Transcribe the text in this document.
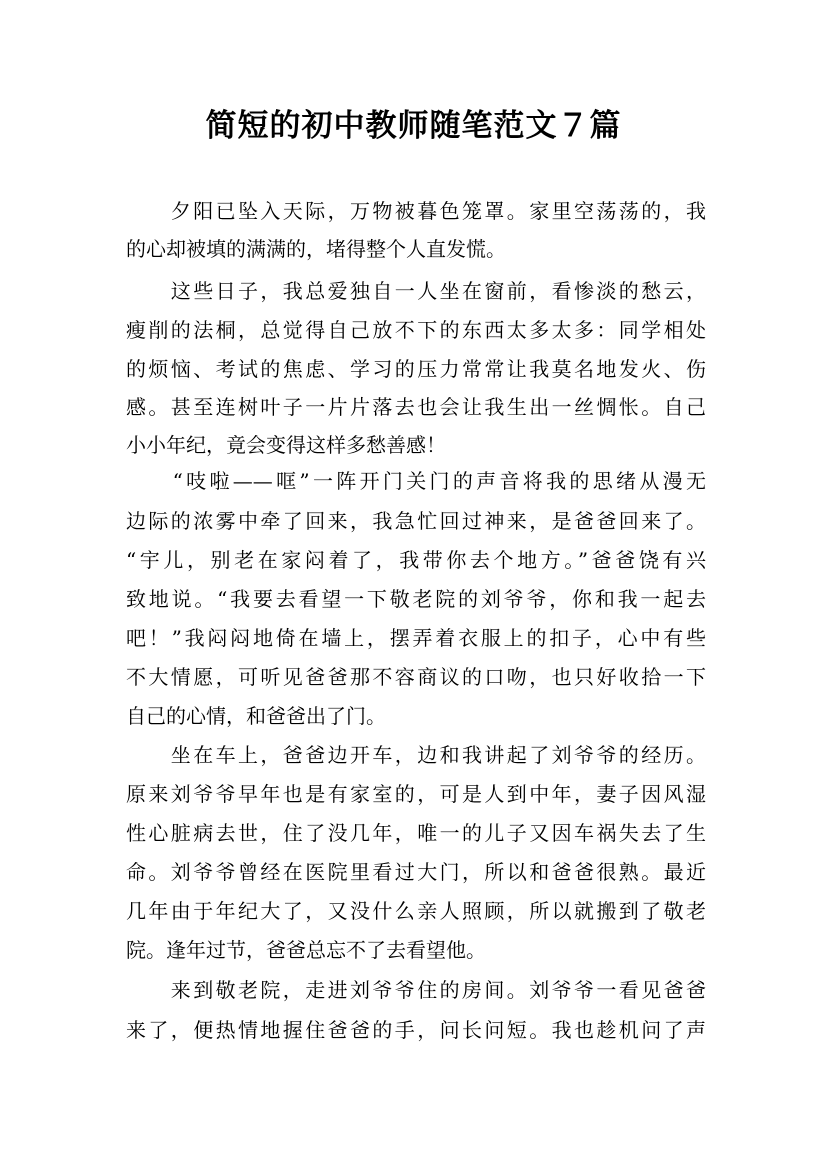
简短的初中教师随笔范文７篇

　　夕阳已坠入天际，万物被暮色笼罩。家里空荡荡的，我

的心却被填的满满的，堵得整个人直发慌。

　　这些日子，我总爱独自一人坐在窗前，看惨淡的愁云，

瘦削的法桐，总觉得自己放不下的东西太多太多：同学相处

的烦恼、考试的焦虑、学习的压力常常让我莫名地发火、伤

感。甚至连树叶子一片片落去也会让我生出一丝惆怅。自己

小小年纪，竟会变得这样多愁善感！

　　“吱啦——哐”一阵开门关门的声音将我的思绪从漫无

边际的浓雾中牵了回来，我急忙回过神来，是爸爸回来了。

“宇儿，别老在家闷着了，我带你去个地方。”爸爸饶有兴

致地说。“我要去看望一下敬老院的刘爷爷，你和我一起去

吧！”我闷闷地倚在墙上，摆弄着衣服上的扣子，心中有些

不大情愿，可听见爸爸那不容商议的口吻，也只好收拾一下

自己的心情，和爸爸出了门。

　　坐在车上，爸爸边开车，边和我讲起了刘爷爷的经历。

原来刘爷爷早年也是有家室的，可是人到中年，妻子因风湿

性心脏病去世，住了没几年，唯一的儿子又因车祸失去了生

命。刘爷爷曾经在医院里看过大门，所以和爸爸很熟。最近

几年由于年纪大了，又没什么亲人照顾，所以就搬到了敬老

院。逢年过节，爸爸总忘不了去看望他。

　　来到敬老院，走进刘爷爷住的房间。刘爷爷一看见爸爸

来了，便热情地握住爸爸的手，问长问短。我也趁机问了声
